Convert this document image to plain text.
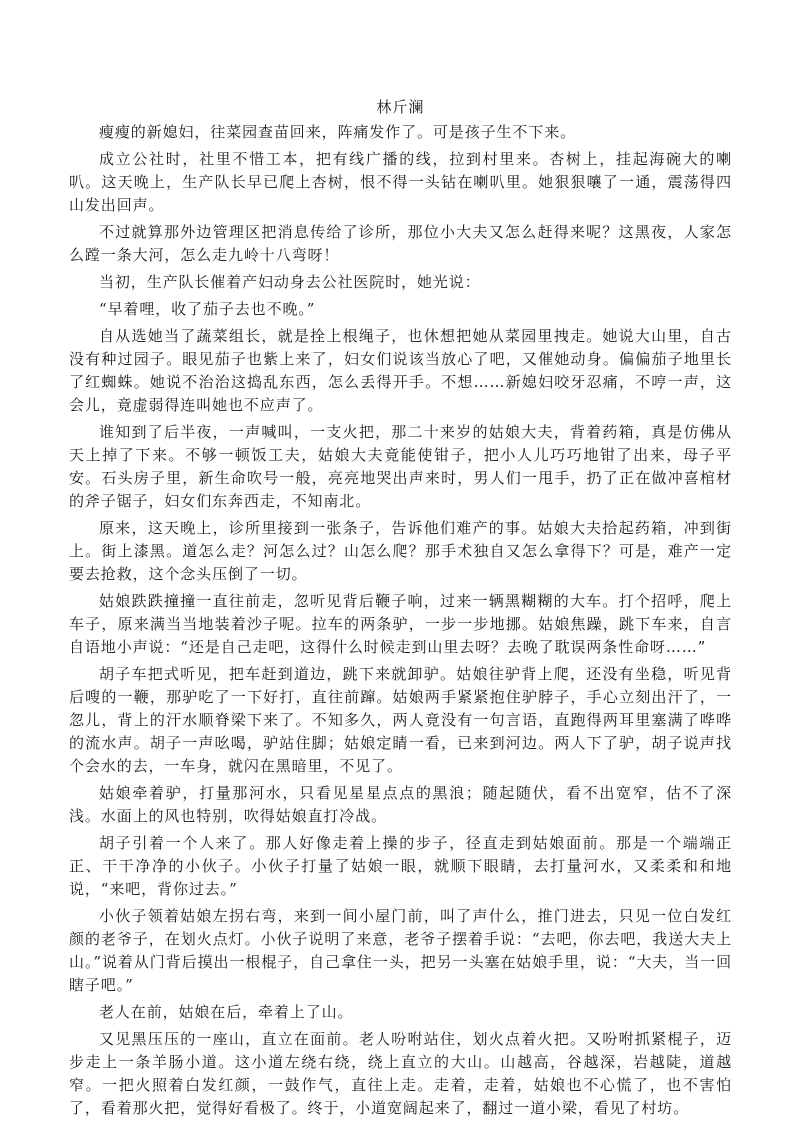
林斤澜

瘦瘦的新媳妇，往菜园查苗回来，阵痛发作了。可是孩子生不下来。

成立公社时，社里不惜工本，把有线广播的线，拉到村里来。杏树上，挂起海碗大的喇叭。这天晚上，生产队长早已爬上杏树，恨不得一头钻在喇叭里。她狠狠嚷了一通，震荡得四山发出回声。

不过就算那外边管理区把消息传给了诊所，那位小大夫又怎么赶得来呢？这黑夜，人家怎么蹚一条大河，怎么走九岭十八弯呀！

当初，生产队长催着产妇动身去公社医院时，她光说：

“早着哩，收了茄子去也不晚。”

自从选她当了蔬菜组长，就是拴上根绳子，也休想把她从菜园里拽走。她说大山里，自古没有种过园子。眼见茄子也紫上来了，妇女们说该当放心了吧，又催她动身。偏偏茄子地里长了红蜘蛛。她说不治治这捣乱东西，怎么丢得开手。不想……新媳妇咬牙忍痛，不哼一声，这会儿，竟虚弱得连叫她也不应声了。

谁知到了后半夜，一声喊叫，一支火把，那二十来岁的姑娘大夫，背着药箱，真是仿佛从天上掉了下来。不够一顿饭工夫，姑娘大夫竟能使钳子，把小人儿巧巧地钳了出来，母子平安。石头房子里，新生命吹号一般，亮亮地哭出声来时，男人们一甩手，扔了正在做冲喜棺材的斧子锯子，妇女们东奔西走，不知南北。

原来，这天晚上，诊所里接到一张条子，告诉他们难产的事。姑娘大夫拾起药箱，冲到街上。街上漆黑。道怎么走？河怎么过？山怎么爬？那手术独自又怎么拿得下？可是，难产一定要去抢救，这个念头压倒了一切。

姑娘跌跌撞撞一直往前走，忽听见背后鞭子响，过来一辆黑糊糊的大车。打个招呼，爬上车子，原来满当当地装着沙子呢。拉车的两条驴，一步一步地挪。姑娘焦躁，跳下车来，自言自语地小声说：“还是自己走吧，这得什么时候走到山里去呀？去晚了耽误两条性命呀……”

胡子车把式听见，把车赶到道边，跳下来就卸驴。姑娘往驴背上爬，还没有坐稳，听见背后嗖的一鞭，那驴吃了一下好打，直往前蹿。姑娘两手紧紧抱住驴脖子，手心立刻出汗了，一忽儿，背上的汗水顺脊梁下来了。不知多久，两人竟没有一句言语，直跑得两耳里塞满了哗哗的流水声。胡子一声吆喝，驴站住脚；姑娘定睛一看，已来到河边。两人下了驴，胡子说声找个会水的去，一车身，就闪在黑暗里，不见了。

姑娘牵着驴，打量那河水，只看见星星点点的黑浪；随起随伏，看不出宽窄，估不了深浅。水面上的风也特别，吹得姑娘直打冷战。

胡子引着一个人来了。那人好像走着上操的步子，径直走到姑娘面前。那是一个端端正正、干干净净的小伙子。小伙子打量了姑娘一眼，就顺下眼睛，去打量河水，又柔柔和和地说，“来吧，背你过去。”

小伙子领着姑娘左拐右弯，来到一间小屋门前，叫了声什么，推门进去，只见一位白发红颜的老爷子，在划火点灯。小伙子说明了来意，老爷子摆着手说：“去吧，你去吧，我送大夫上山。”说着从门背后摸出一根棍子，自己拿住一头，把另一头塞在姑娘手里，说：“大夫，当一回瞎子吧。”

老人在前，姑娘在后，牵着上了山。

又见黑压压的一座山，直立在面前。老人吩咐站住，划火点着火把。又吩咐抓紧棍子，迈步走上一条羊肠小道。这小道左绕右绕，绕上直立的大山。山越高，谷越深，岩越陡，道越窄。一把火照着白发红颜，一鼓作气，直往上走。走着，走着，姑娘也不心慌了，也不害怕了，看着那火把，觉得好看极了。终于，小道宽阔起来了，翻过一道小梁，看见了村坊。
